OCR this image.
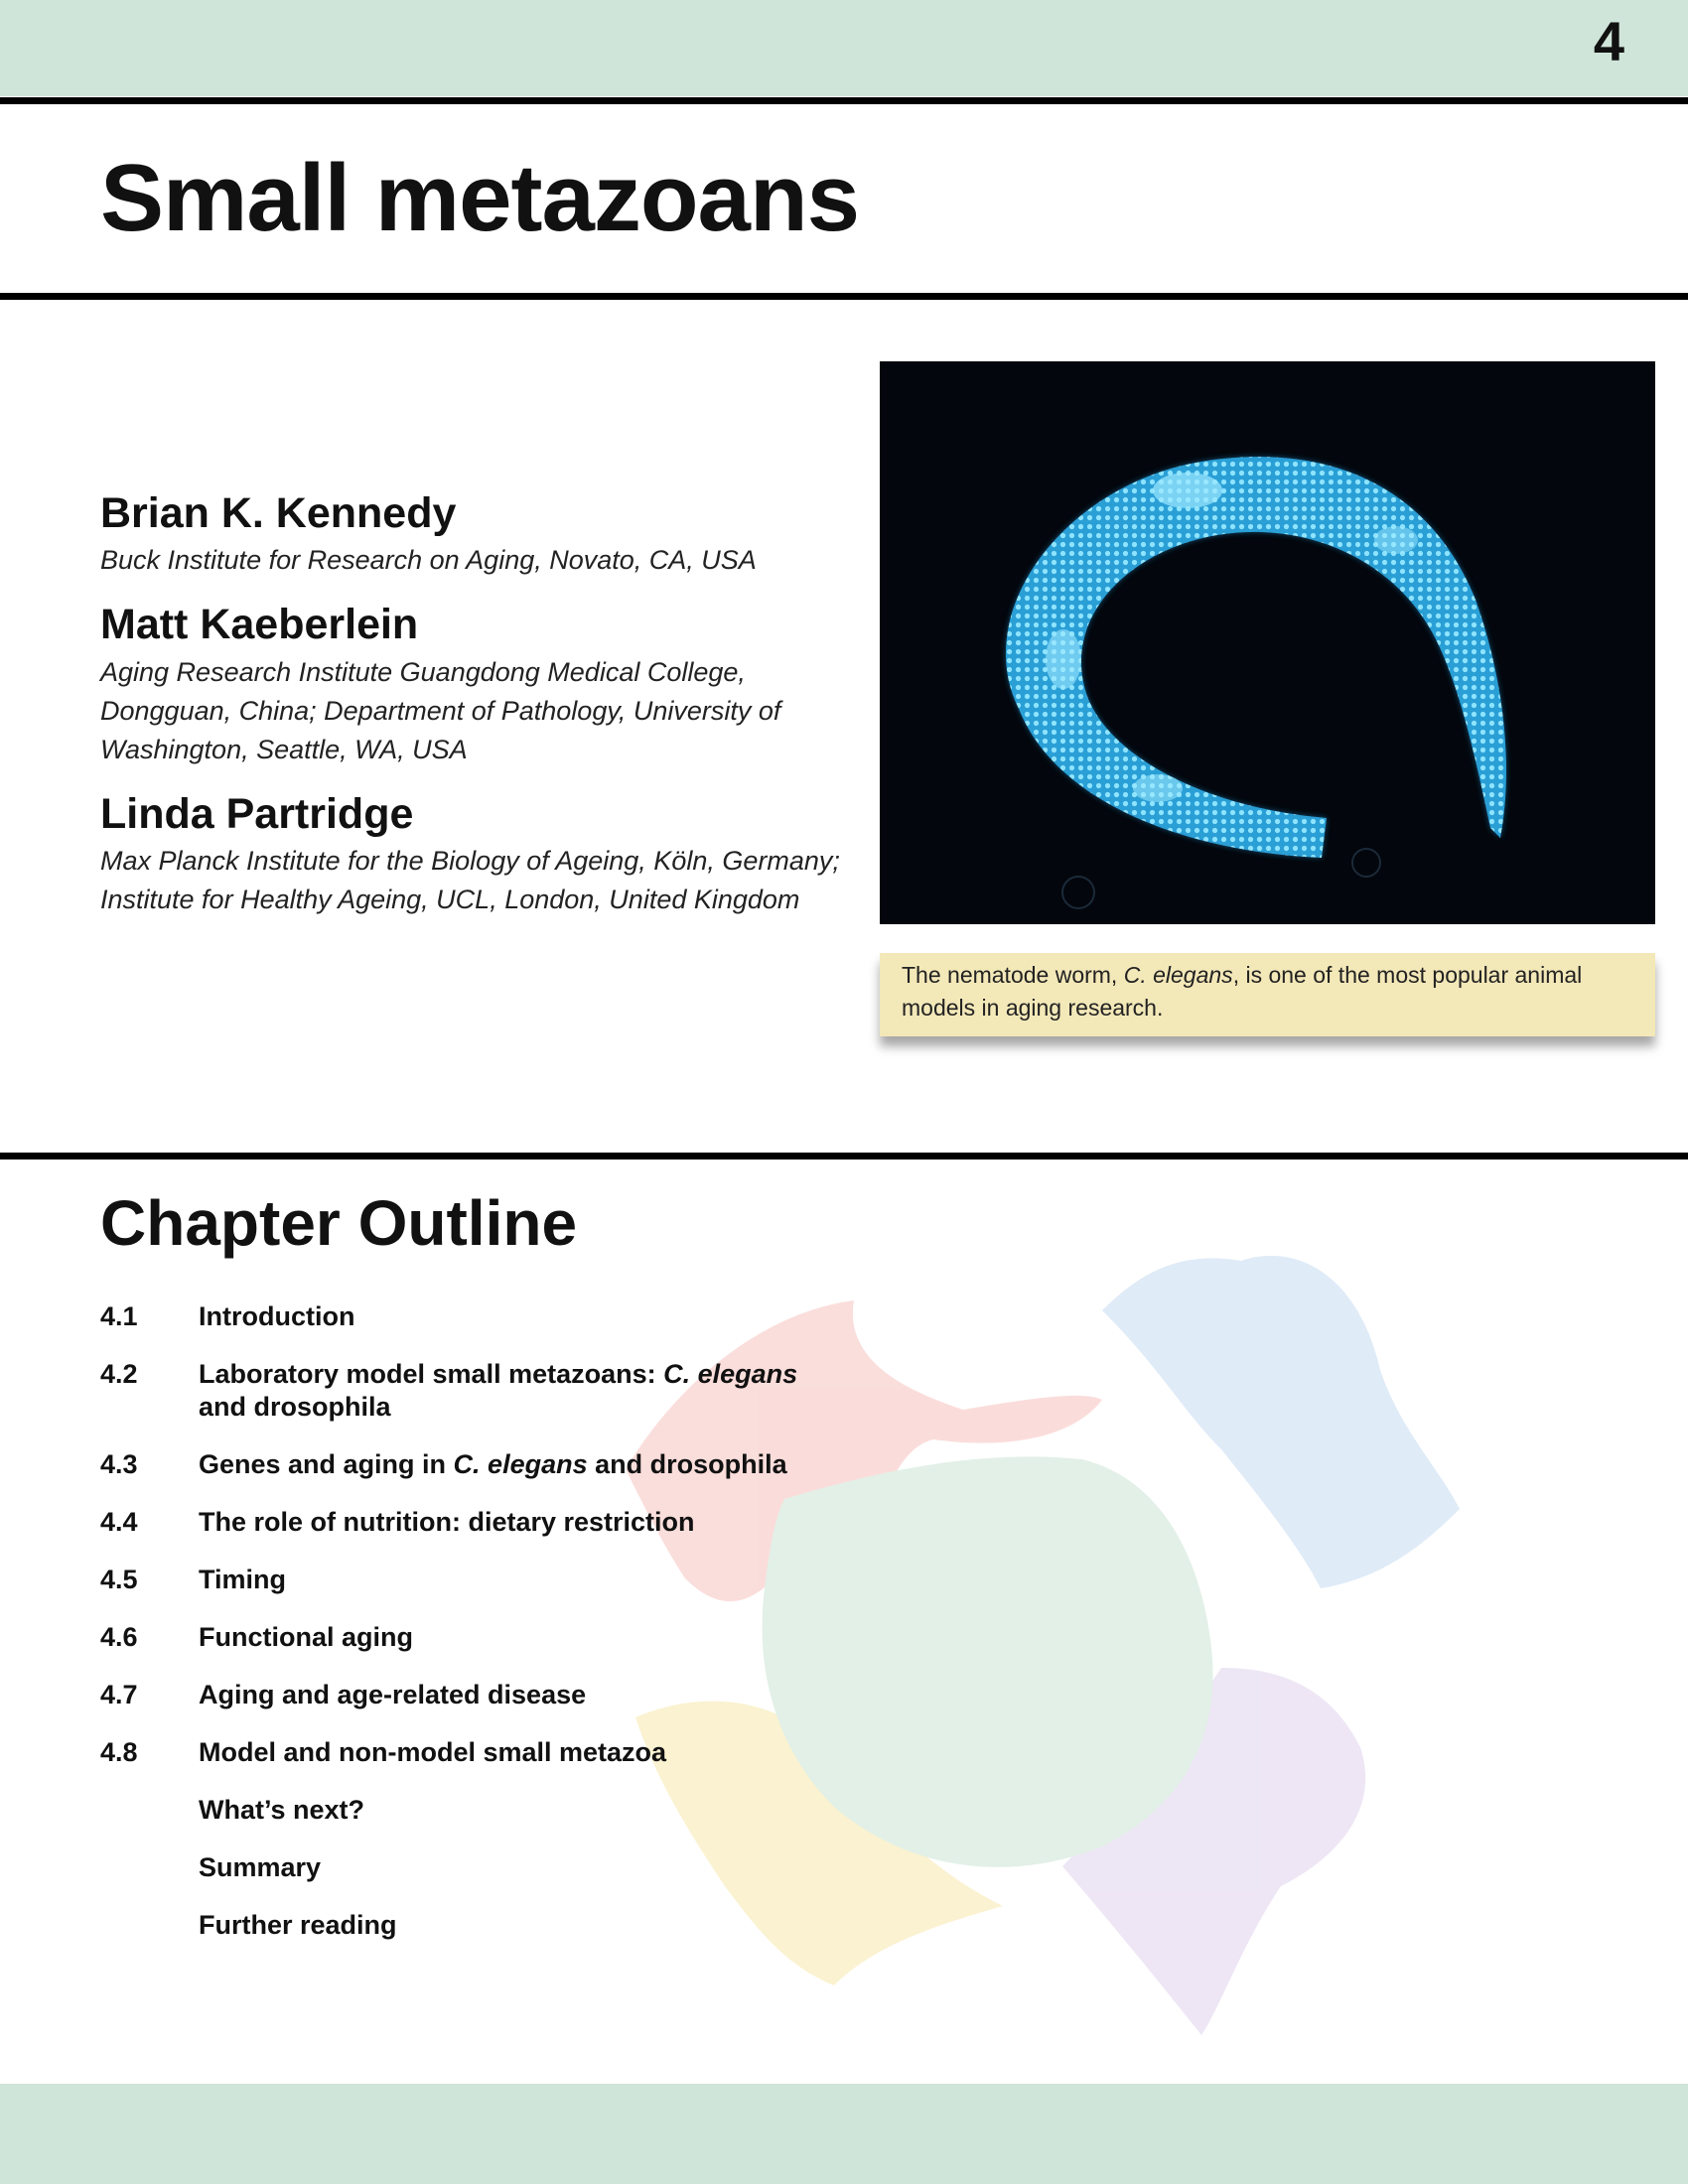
4
Small metazoans

Brian K. Kennedy

Buck Institute for Research on Aging, Novato, CA, USA

Matt Kaeberlein

Aging Research Institute Guangdong Medical College, Dongguan, China; Department of Pathology, University of Washington, Seattle, WA, USA

Linda Partridge

Max Planck Institute for the Biology of Ageing, Köln, Germany; Institute for Healthy Ageing, UCL, London, United Kingdom

The nematode worm, C. elegans, is one of the most popular animal models in aging research.
Chapter Outline
4.1	Introduction
4.2	Laboratory model small metazoans: C. elegans and drosophila
4.3	Genes and aging in C. elegans and drosophila
4.4	The role of nutrition: dietary restriction
4.5	Timing
4.6	Functional aging
4.7	Aging and age-related disease
4.8	Model and non-model small metazoa
What’s next?
Summary
Further reading
